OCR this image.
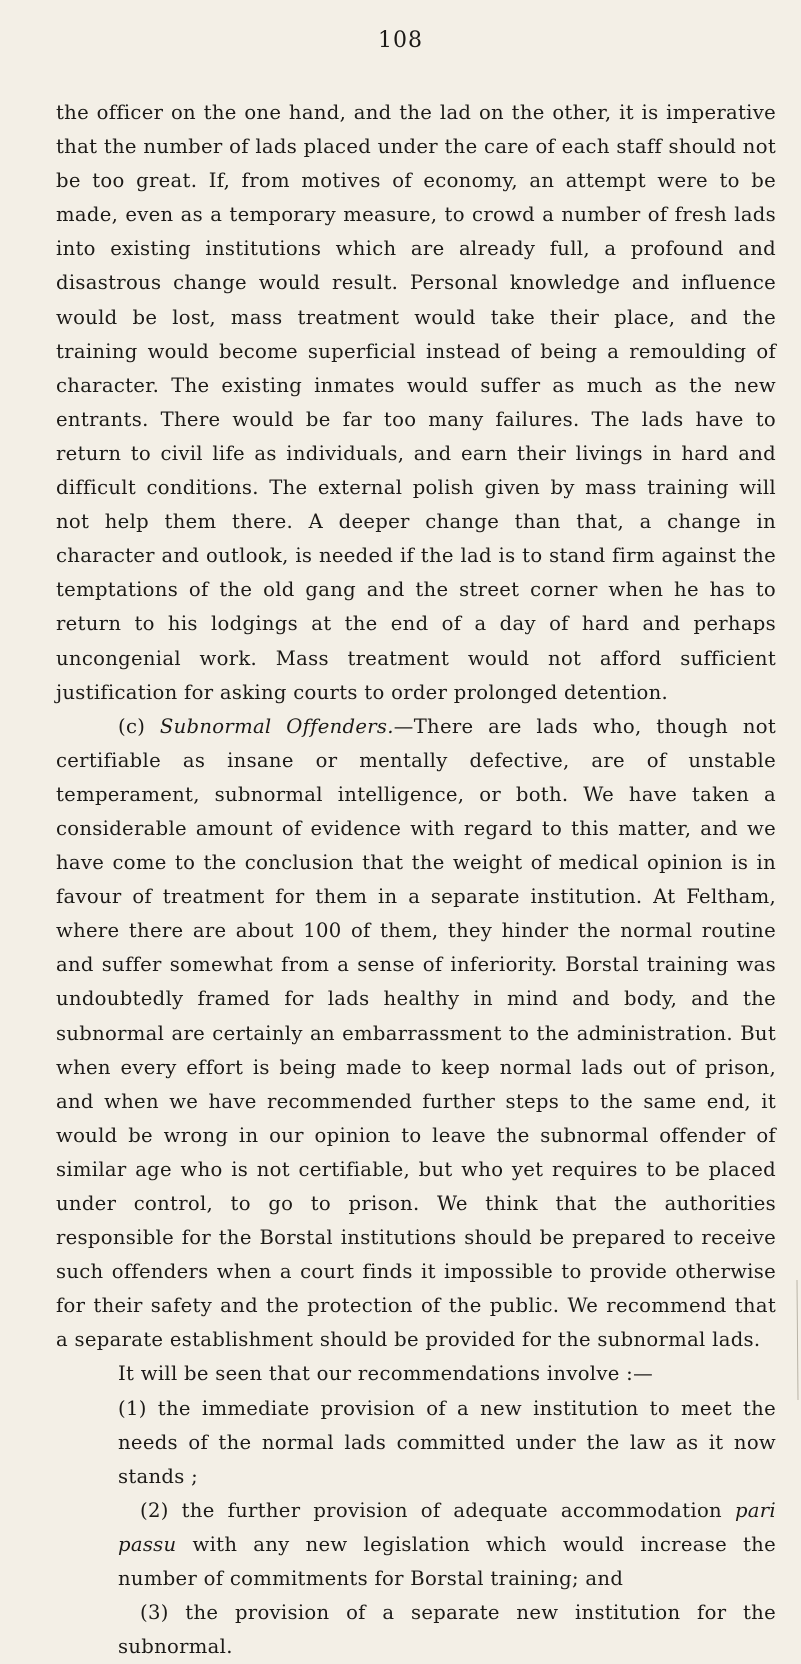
108

the officer on the one hand, and the lad on the other, it is imperative that the number of lads placed under the care of each staff should not be too great. If, from motives of economy, an attempt were to be made, even as a temporary measure, to crowd a number of fresh lads into existing institutions which are already full, a profound and disastrous change would result. Personal knowledge and influence would be lost, mass treatment would take their place, and the training would become superficial instead of being a remoulding of character. The existing inmates would suffer as much as the new entrants. There would be far too many failures. The lads have to return to civil life as individuals, and earn their livings in hard and difficult conditions. The external polish given by mass training will not help them there. A deeper change than that, a change in character and outlook, is needed if the lad is to stand firm against the temptations of the old gang and the street corner when he has to return to his lodgings at the end of a day of hard and perhaps uncongenial work. Mass treatment would not afford sufficient justification for asking courts to order prolonged detention.

(c) Subnormal Offenders.—There are lads who, though not certifiable as insane or mentally defective, are of unstable temperament, subnormal intelligence, or both. We have taken a considerable amount of evidence with regard to this matter, and we have come to the conclusion that the weight of medical opinion is in favour of treatment for them in a separate institution. At Feltham, where there are about 100 of them, they hinder the normal routine and suffer somewhat from a sense of inferiority. Borstal training was undoubtedly framed for lads healthy in mind and body, and the subnormal are certainly an embarrassment to the administration. But when every effort is being made to keep normal lads out of prison, and when we have recommended further steps to the same end, it would be wrong in our opinion to leave the subnormal offender of similar age who is not certifiable, but who yet requires to be placed under control, to go to prison. We think that the authorities responsible for the Borstal institutions should be prepared to receive such offenders when a court finds it impossible to provide otherwise for their safety and the protection of the public. We recommend that a separate establishment should be provided for the subnormal lads.

It will be seen that our recommendations involve :—

(1) the immediate provision of a new institution to meet the needs of the normal lads committed under the law as it now stands ;

(2) the further provision of adequate accommodation pari passu with any new legislation which would increase the number of commitments for Borstal training; and

(3) the provision of a separate new institution for the subnormal.
